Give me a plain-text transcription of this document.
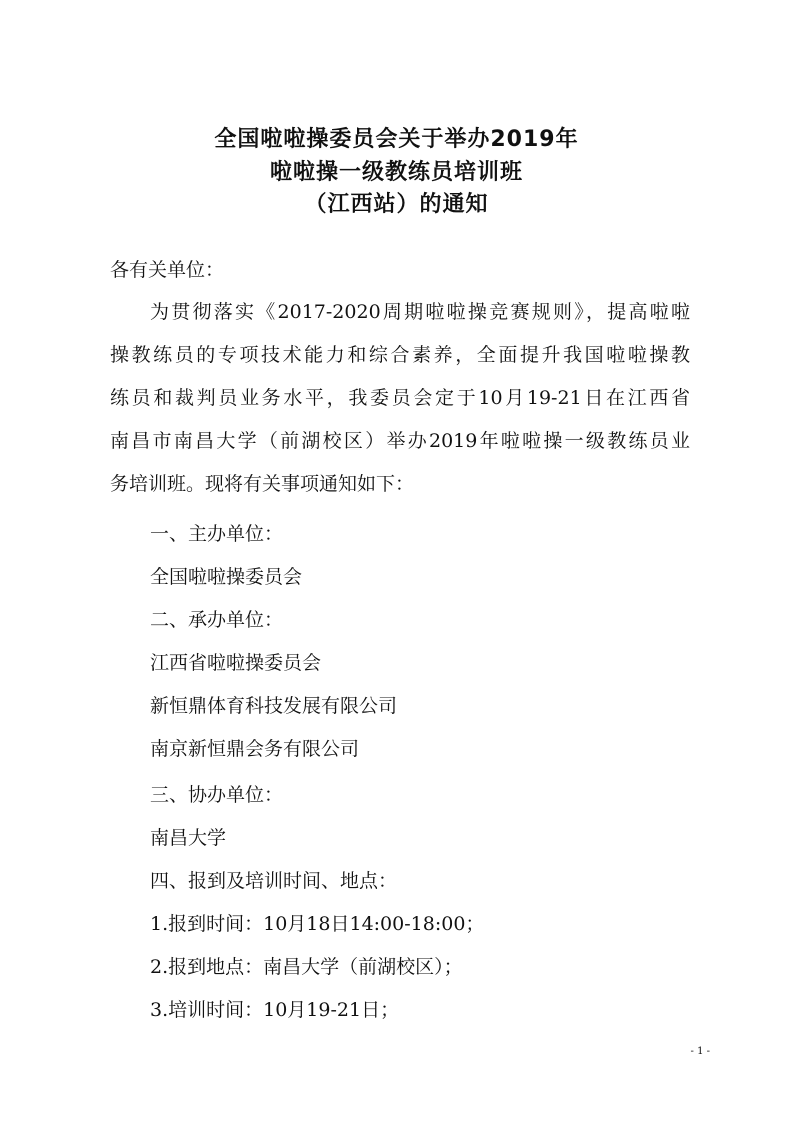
全国啦啦操委员会关于举办2019年
啦啦操一级教练员培训班
（江西站）的通知

各有关单位：

为贯彻落实《2017-2020周期啦啦操竞赛规则》，提高啦啦

操教练员的专项技术能力和综合素养，全面提升我国啦啦操教

练员和裁判员业务水平，我委员会定于10月19-21日在江西省

南昌市南昌大学（前湖校区）举办2019年啦啦操一级教练员业

务培训班。现将有关事项通知如下：

一、主办单位：

全国啦啦操委员会

二、承办单位：

江西省啦啦操委员会

新恒鼎体育科技发展有限公司

南京新恒鼎会务有限公司

三、协办单位：

南昌大学

四、报到及培训时间、地点：

1.报到时间：10月18日14:00-18:00；

2.报到地点：南昌大学（前湖校区）；

3.培训时间：10月19-21日；

- 1 -
